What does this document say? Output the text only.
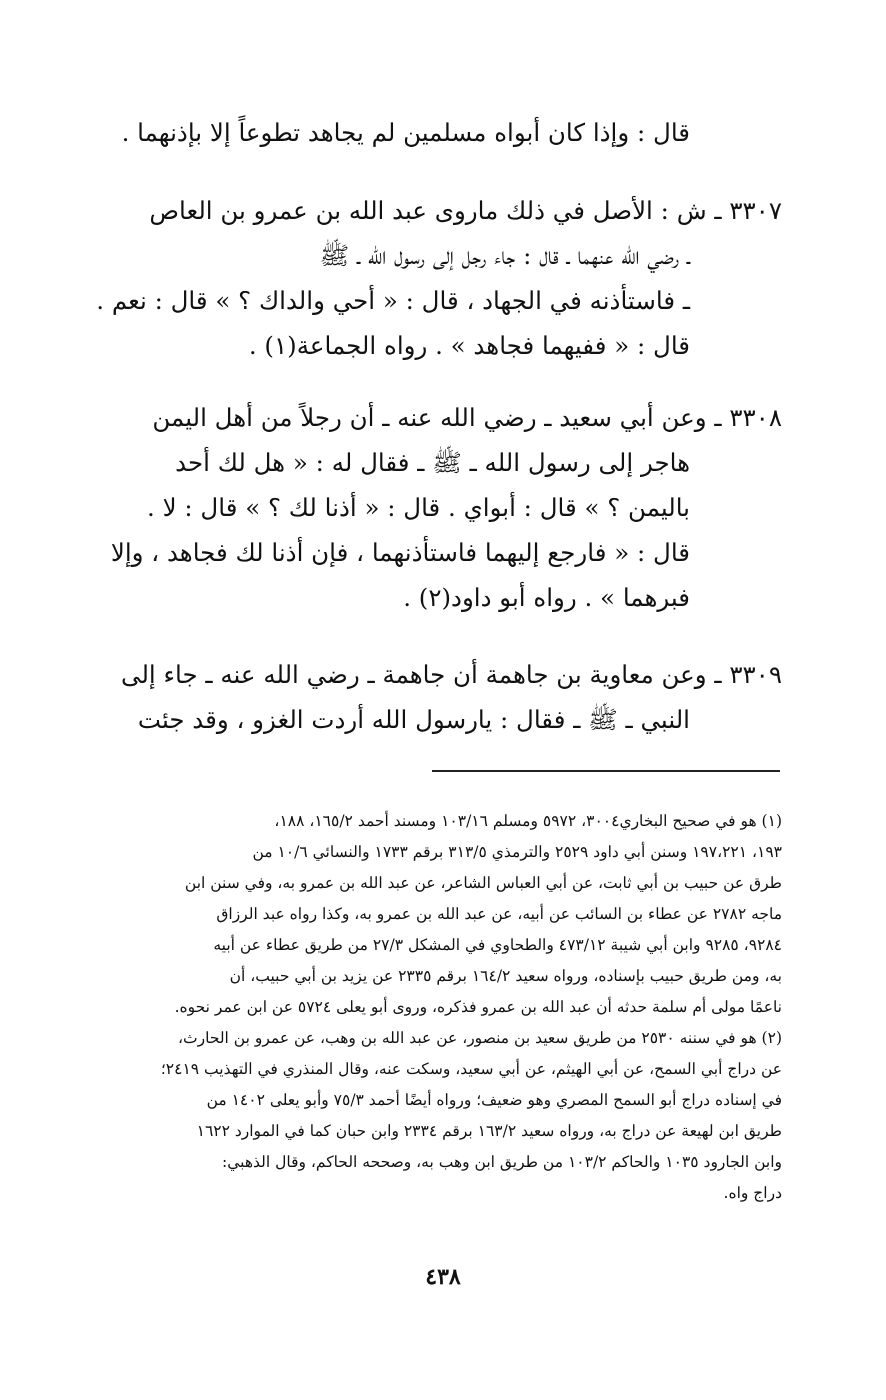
قال : وإذا كان أبواه مسلمين لم يجاهد تطوعاً إلا بإذنهما .
٣٣٠٧ ـ ش : الأصل في ذلك ماروى عبد الله بن عمرو بن العاص
ـ رضي الله عنهما ـ قال : جاء رجل إلى رسول الله ـ ﷺ
ـ فاستأذنه في الجهاد ، قال : « أحي والداك ؟ » قال : نعم .
قال : « ففيهما فجاهد » . رواه الجماعة(١) .
٣٣٠٨ ـ وعن أبي سعيد ـ رضي الله عنه ـ أن رجلاً من أهل اليمن
هاجر إلى رسول الله ـ ﷺ ـ فقال له : « هل لك أحد
باليمن ؟ » قال : أبواي . قال : « أذنا لك ؟ » قال : لا .
قال : « فارجع إليهما فاستأذنهما ، فإن أذنا لك فجاهد ، وإلا
فبرهما » . رواه أبو داود(٢) .
٣٣٠٩ ـ وعن معاوية بن جاهمة أن جاهمة ـ رضي الله عنه ـ جاء إلى
النبي ـ ﷺ ـ فقال : يارسول الله أردت الغزو ، وقد جئت
(١) هو في صحيح البخاري٣٠٠٤، ٥٩٧٢ ومسلم ١٠٣/١٦ ومسند أحمد ١٦٥/٢، ١٨٨،
١٩٣، ١٩٧،٢٢١ وسنن أبي داود ٢٥٢٩ والترمذي ٣١٣/٥ برقم ١٧٣٣ والنسائي ١٠/٦ من
طرق عن حبيب بن أبي ثابت، عن أبي العباس الشاعر، عن عبد الله بن عمرو به، وفي سنن ابن
ماجه ٢٧٨٢ عن عطاء بن السائب عن أبيه، عن عبد الله بن عمرو به، وكذا رواه عبد الرزاق
٩٢٨٤، ٩٢٨٥ وابن أبي شيبة ٤٧٣/١٢ والطحاوي في المشكل ٢٧/٣ من طريق عطاء عن أبيه
به، ومن طريق حبيب بإسناده، ورواه سعيد ١٦٤/٢ برقم ٢٣٣٥ عن يزيد بن أبي حبيب، أن
ناعمًا مولى أم سلمة حدثه أن عبد الله بن عمرو فذكره، وروى أبو يعلى ٥٧٢٤ عن ابن عمر نحوه.
(٢) هو في سننه ٢٥٣٠ من طريق سعيد بن منصور، عن عبد الله بن وهب، عن عمرو بن الحارث،
عن دراج أبي السمح، عن أبي الهيثم، عن أبي سعيد، وسكت عنه، وقال المنذري في التهذيب ٢٤١٩؛
في إسناده دراج أبو السمح المصري وهو ضعيف؛ ورواه أيضًا أحمد ٧٥/٣ وأبو يعلى ١٤٠٢ من
طريق ابن لهيعة عن دراج به، ورواه سعيد ١٦٣/٢ برقم ٢٣٣٤ وابن حبان كما في الموارد ١٦٢٢
وابن الجارود ١٠٣٥ والحاكم ١٠٣/٢ من طريق ابن وهب به، وصححه الحاكم، وقال الذهبي:
دراج واه.
٤٣٨
